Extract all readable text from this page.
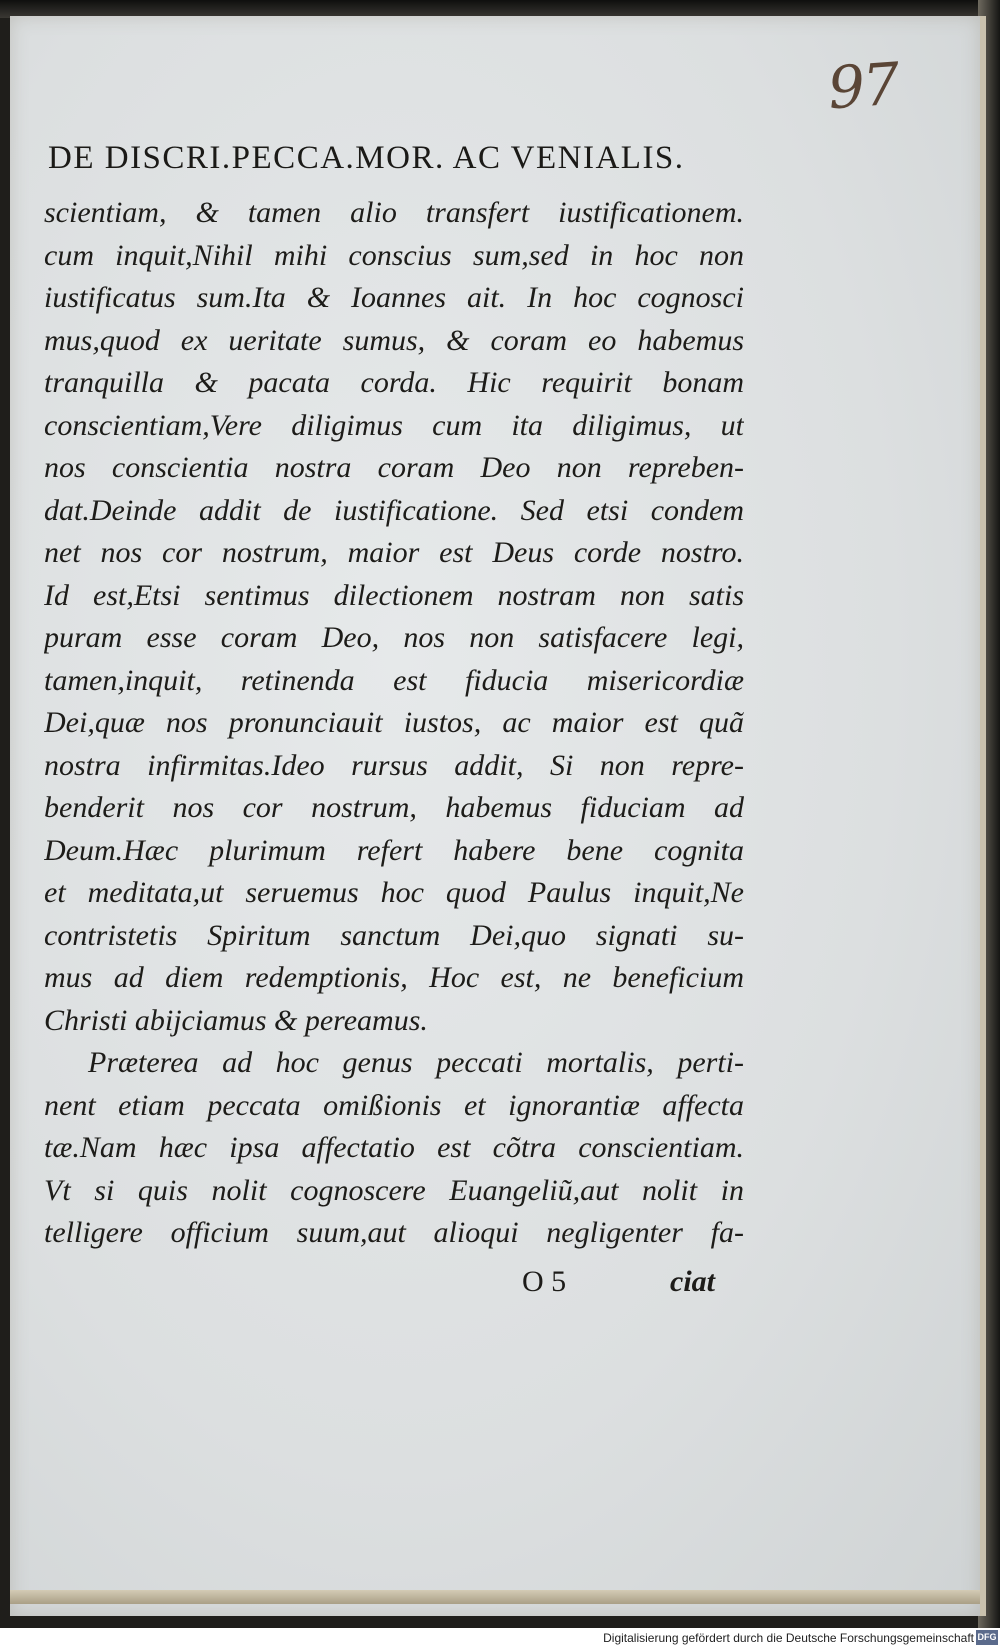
97
DE DISCRI.PECCA.MOR. AC VENIALIS.
scientiam, & tamen alio transfert iustificationem.
cum inquit,Nihil mihi conscius sum,sed in hoc non
iustificatus sum.Ita & Ioannes ait. In hoc cognosci
mus,quod ex ueritate sumus, & coram eo habemus
tranquilla & pacata corda. Hic requirit bonam
conscientiam,Vere diligimus cum ita diligimus, ut
nos conscientia nostra coram Deo non repreben-
dat.Deinde addit de iustificatione. Sed etsi condem
net nos cor nostrum, maior est Deus corde nostro.
Id est,Etsi sentimus dilectionem nostram non satis
puram esse coram Deo, nos non satisfacere legi,
tamen,inquit, retinenda est fiducia misericordiæ
Dei,quæ nos pronunciauit iustos, ac maior est quã
nostra infirmitas.Ideo rursus addit, Si non repre-
benderit nos cor nostrum, habemus fiduciam ad
Deum.Hæc plurimum refert habere bene cognita
et meditata,ut seruemus hoc quod Paulus inquit,Ne
contristetis Spiritum sanctum Dei,quo signati su-
mus ad diem redemptionis, Hoc est, ne beneficium
Christi abijciamus & pereamus.
Præterea ad hoc genus peccati mortalis, perti-
nent etiam peccata omißionis et ignorantiæ affecta
tæ.Nam hæc ipsa affectatio est cõtra conscientiam.
Vt si quis nolit cognoscere Euangeliũ,aut nolit in
telligere officium suum,aut alioqui negligenter fa-
O 5	ciat
Digitalisierung gefördert durch die Deutsche Forschungsgemeinschaft DFG
